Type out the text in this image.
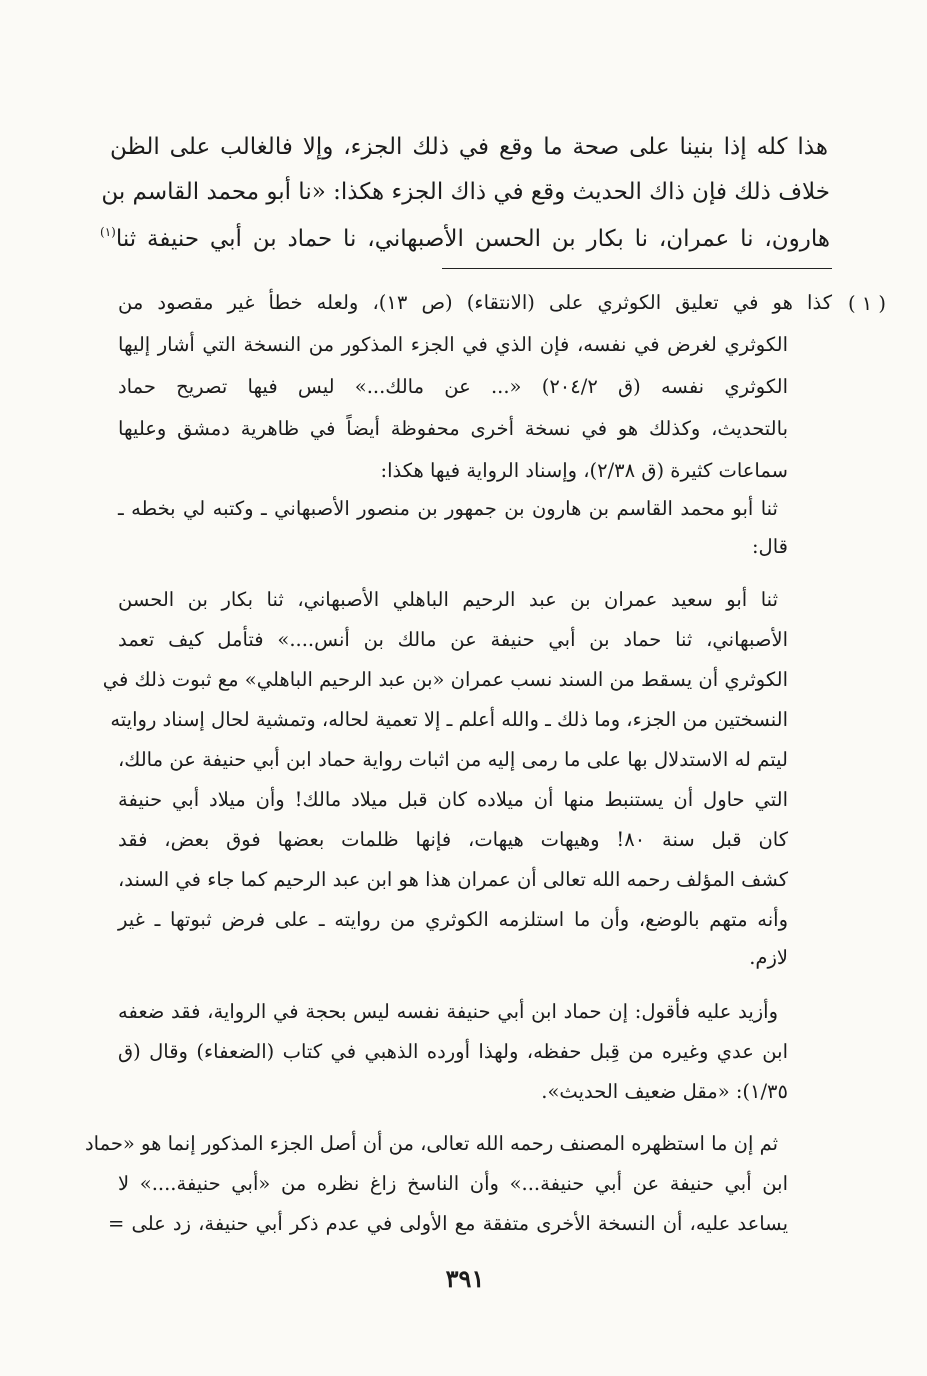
هذا كله إذا بنينا على صحة ما وقع في ذلك الجزء، وإلا فالغالب على الظن
خلاف ذلك فإن ذاك الحديث وقع في ذاك الجزء هكذا: «نا أبو محمد القاسم بن
هارون، نا عمران، نا بكار بن الحسن الأصبهاني، نا حماد بن أبي حنيفة ثنا$^{(١)}$
( ١ )
كذا هو في تعليق الكوثري على (الانتقاء) (ص ١٣)، ولعله خطأ غير مقصود من
الكوثري لغرض في نفسه، فإن الذي في الجزء المذكور من النسخة التي أشار إليها
الكوثري نفسه (ق ٢٠٤/٢) «... عن مالك...» ليس فيها تصريح حماد
بالتحديث، وكذلك هو في نسخة أخرى محفوظة أيضاً في ظاهرية دمشق وعليها
سماعات كثيرة (ق ٢/٣٨)، وإسناد الرواية فيها هكذا:
ثنا أبو محمد القاسم بن هارون بن جمهور بن منصور الأصبهاني ـ وكتبه لي بخطه ـ
قال:
ثنا أبو سعيد عمران بن عبد الرحيم الباهلي الأصبهاني، ثنا بكار بن الحسن
الأصبهاني، ثنا حماد بن أبي حنيفة عن مالك بن أنس....» فتأمل كيف تعمد
الكوثري أن يسقط من السند نسب عمران «بن عبد الرحيم الباهلي» مع ثبوت ذلك في
النسختين من الجزء، وما ذلك ـ والله أعلم ـ إلا تعمية لحاله، وتمشية لحال إسناد روايته
ليتم له الاستدلال بها على ما رمى إليه من اثبات رواية حماد ابن أبي حنيفة عن مالك،
التي حاول أن يستنبط منها أن ميلاده كان قبل ميلاد مالك! وأن ميلاد أبي حنيفة
كان قبل سنة ٨٠! وهيهات هيهات، فإنها ظلمات بعضها فوق بعض، فقد
كشف المؤلف رحمه الله تعالى أن عمران هذا هو ابن عبد الرحيم كما جاء في السند،
وأنه متهم بالوضع، وأن ما استلزمه الكوثري من روايته ـ على فرض ثبوتها ـ غير
لازم.
وأزيد عليه فأقول: إن حماد ابن أبي حنيفة نفسه ليس بحجة في الرواية، فقد ضعفه
ابن عدي وغيره من قِبل حفظه، ولهذا أورده الذهبي في كتاب (الضعفاء) وقال (ق
١/٣٥): «مقل ضعيف الحديث».
ثم إن ما استظهره المصنف رحمه الله تعالى، من أن أصل الجزء المذكور إنما هو «حماد
ابن أبي حنيفة عن أبي حنيفة...» وأن الناسخ زاغ نظره من «أبي حنيفة....» لا
يساعد عليه، أن النسخة الأخرى متفقة مع الأولى في عدم ذكر أبي حنيفة، زد على =
٣٩١
